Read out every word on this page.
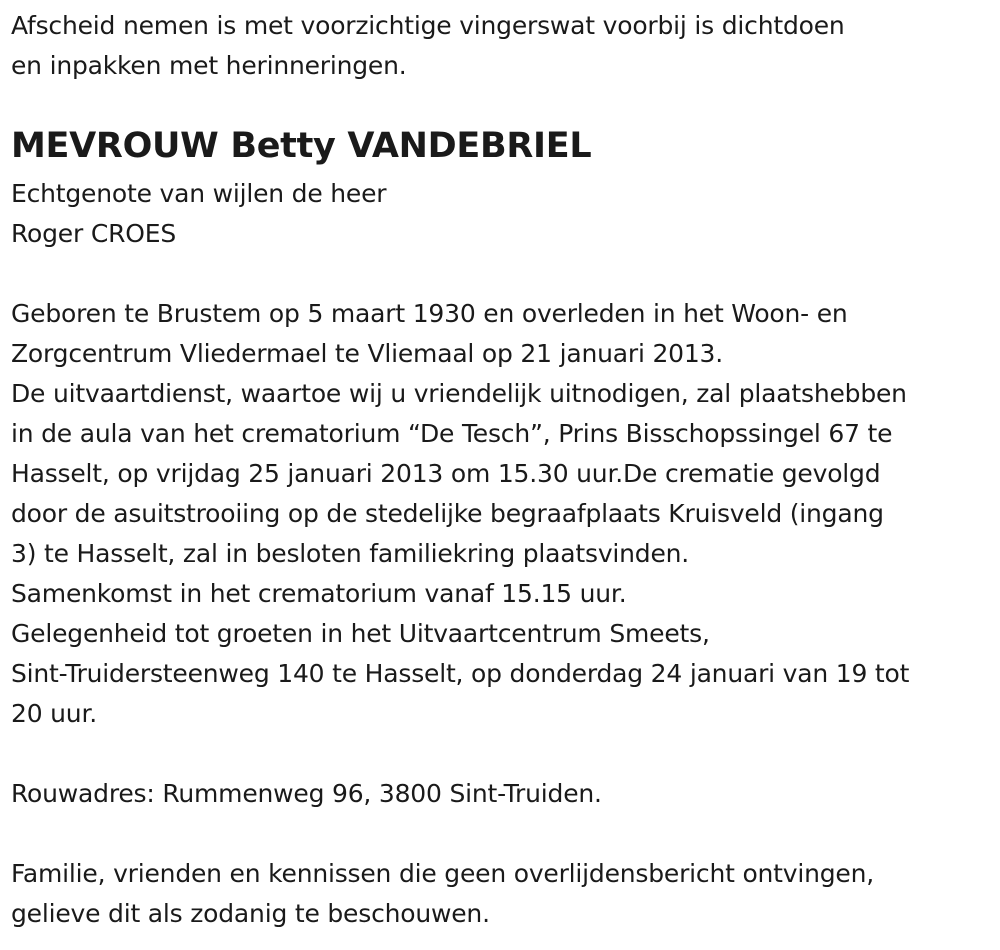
Afscheid nemen is met voorzichtige vingerswat voorbij is dichtdoen
en inpakken met herinneringen.
MEVROUW Betty VANDEBRIEL
Echtgenote van wijlen de heer
Roger CROES
Geboren te Brustem op 5 maart 1930 en overleden in het Woon- en
Zorgcentrum Vliedermael te Vliemaal op 21 januari 2013.
De uitvaartdienst, waartoe wij u vriendelijk uitnodigen, zal plaatshebben
in de aula van het crematorium “De Tesch”, Prins Bisschopssingel 67 te
Hasselt, op vrijdag 25 januari 2013 om 15.30 uur.De crematie gevolgd
door de asuitstrooiing op de stedelijke begraafplaats Kruisveld (ingang
3) te Hasselt, zal in besloten familiekring plaatsvinden.
Samenkomst in het crematorium vanaf 15.15 uur.
Gelegenheid tot groeten in het Uitvaartcentrum Smeets,
Sint-Truidersteenweg 140 te Hasselt, op donderdag 24 januari van 19 tot
20 uur.
Rouwadres: Rummenweg 96, 3800 Sint-Truiden.
Familie, vrienden en kennissen die geen overlijdensbericht ontvingen,
gelieve dit als zodanig te beschouwen.
